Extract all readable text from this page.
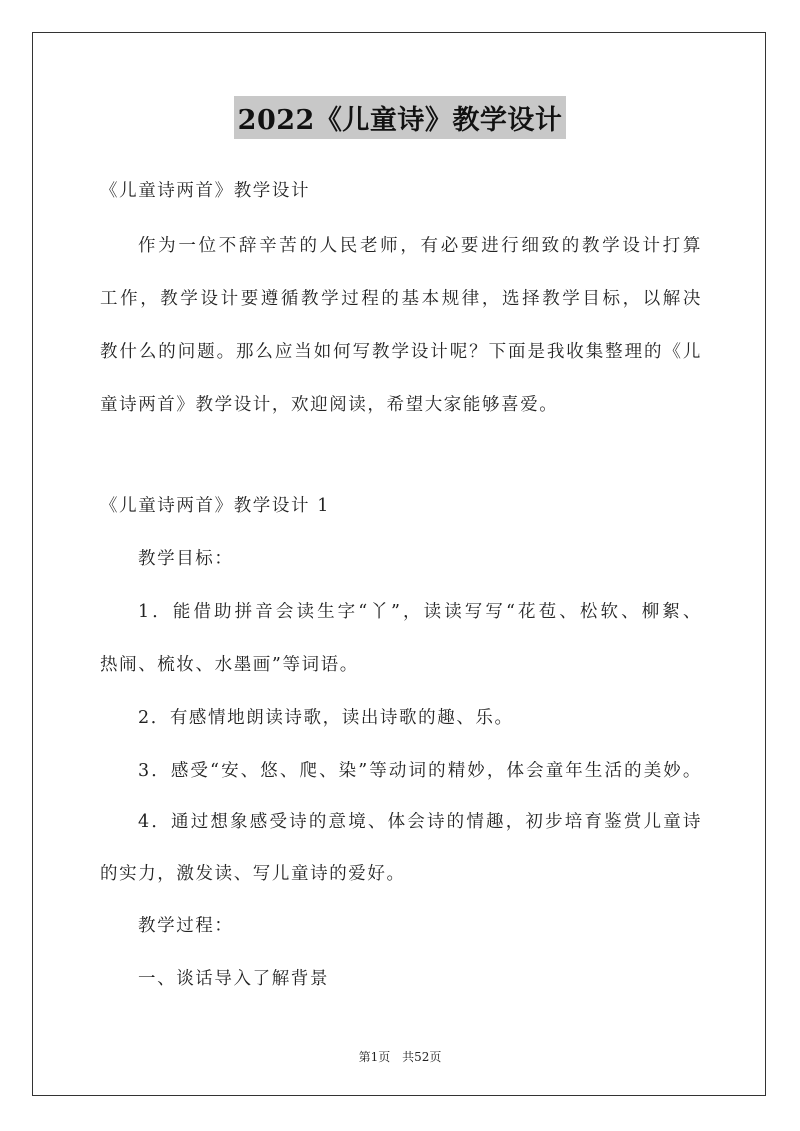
2022《儿童诗》教学设计
《儿童诗两首》教学设计
作为一位不辞辛苦的人民老师，有必要进行细致的教学设计打算
工作，教学设计要遵循教学过程的基本规律，选择教学目标，以解决
教什么的问题。那么应当如何写教学设计呢？下面是我收集整理的《儿
童诗两首》教学设计，欢迎阅读，希望大家能够喜爱。
《儿童诗两首》教学设计 1
教学目标：
1．能借助拼音会读生字“丫”，读读写写“花苞、松软、柳絮、
热闹、梳妆、水墨画”等词语。
2．有感情地朗读诗歌，读出诗歌的趣、乐。
3．感受“安、悠、爬、染”等动词的精妙，体会童年生活的美妙。
4．通过想象感受诗的意境、体会诗的情趣，初步培育鉴赏儿童诗
的实力，激发读、写儿童诗的爱好。
教学过程：
一、谈话导入了解背景
第1页 共52页
